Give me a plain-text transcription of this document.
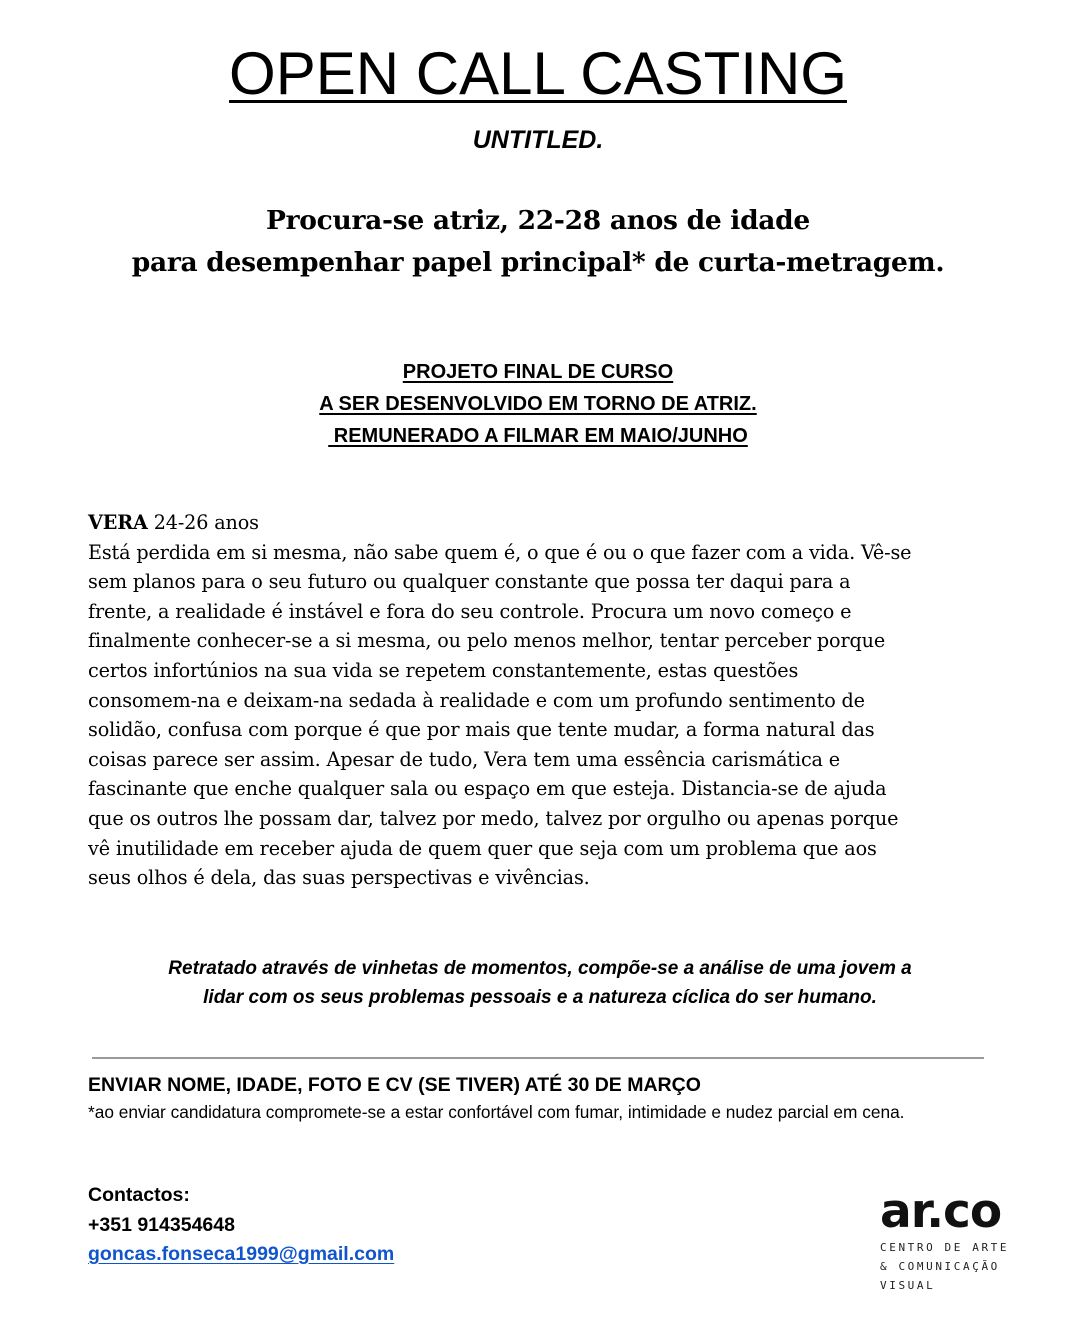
OPEN CALL CASTING
UNTITLED.
Procura-se atriz, 22-28 anos de idade
para desempenhar papel principal* de curta-metragem.
PROJETO FINAL DE CURSO
A SER DESENVOLVIDO EM TORNO DE ATRIZ.
REMUNERADO A FILMAR EM MAIO/JUNHO
VERA 24-26 anos
Está perdida em si mesma, não sabe quem é, o que é ou o que fazer com a vida. Vê-se
sem planos para o seu futuro ou qualquer constante que possa ter daqui para a
frente, a realidade é instável e fora do seu controle. Procura um novo começo e
finalmente conhecer-se a si mesma, ou pelo menos melhor, tentar perceber porque
certos infortúnios na sua vida se repetem constantemente, estas questões
consomem-na e deixam-na sedada à realidade e com um profundo sentimento de
solidão, confusa com porque é que por mais que tente mudar, a forma natural das
coisas parece ser assim. Apesar de tudo, Vera tem uma essência carismática e
fascinante que enche qualquer sala ou espaço em que esteja. Distancia-se de ajuda
que os outros lhe possam dar, talvez por medo, talvez por orgulho ou apenas porque
vê inutilidade em receber ajuda de quem quer que seja com um problema que aos
seus olhos é dela, das suas perspectivas e vivências.
Retratado através de vinhetas de momentos, compõe-se a análise de uma jovem a
lidar com os seus problemas pessoais e a natureza cíclica do ser humano.
ENVIAR NOME, IDADE, FOTO E CV (SE TIVER) ATÉ 30 DE MARÇO
*ao enviar candidatura compromete-se a estar confortável com fumar, intimidade e nudez parcial em cena.
Contactos:
+351 914354648
goncas.fonseca1999@gmail.com
ar.co
CENTRO DE ARTE
& COMUNICAÇÃO
VISUAL
